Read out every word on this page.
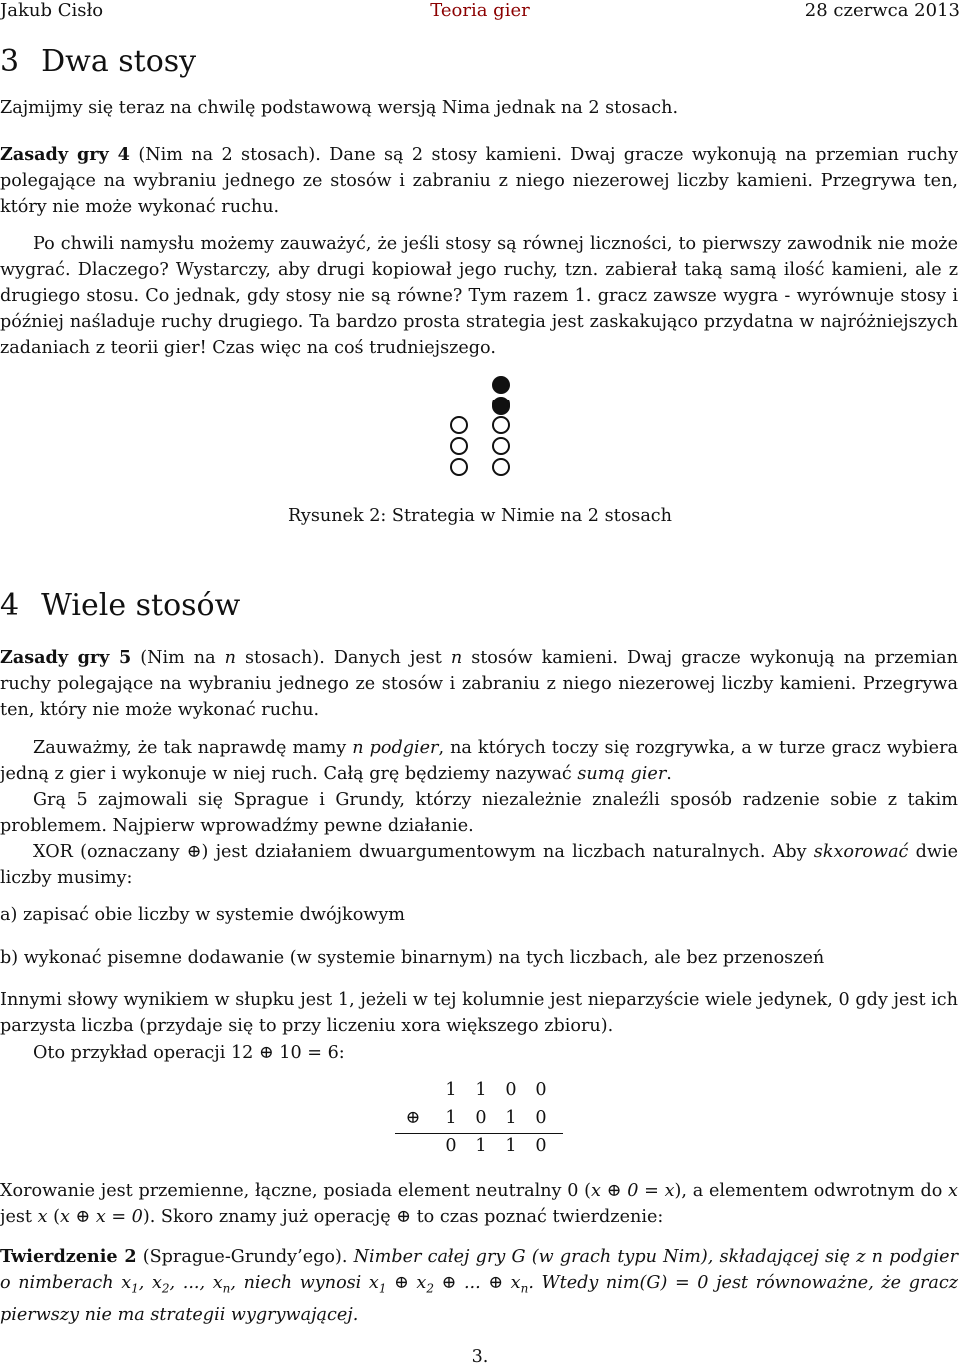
Jakub Cisło	Teoria gier	28 czerwca 2013
3 Dwa stosy

Zajmijmy się teraz na chwilę podstawową wersją Nima jednak na 2 stosach.

Zasady gry 4 (Nim na 2 stosach). Dane są 2 stosy kamieni. Dwaj gracze wykonują na przemian ruchy polegające na wybraniu jednego ze stosów i zabraniu z niego niezerowej liczby kamieni. Przegrywa ten, który nie może wykonać ruchu.

Po chwili namysłu możemy zauważyć, że jeśli stosy są równej liczności, to pierwszy zawodnik nie może wygrać. Dlaczego? Wystarczy, aby drugi kopiował jego ruchy, tzn. zabierał taką samą ilość kamieni, ale z drugiego stosu. Co jednak, gdy stosy nie są równe? Tym razem 1. gracz zawsze wygra - wyrównuje stosy i później naśladuje ruchy drugiego. Ta bardzo prosta strategia jest zaskakująco przydatna w najróżniejszych zadaniach z teorii gier! Czas więc na coś trudniejszego.

Rysunek 2: Strategia w Nimie na 2 stosach
4 Wiele stosów

Zasady gry 5 (Nim na n stosach). Danych jest n stosów kamieni. Dwaj gracze wykonują na przemian ruchy polegające na wybraniu jednego ze stosów i zabraniu z niego niezerowej liczby kamieni. Przegrywa ten, który nie może wykonać ruchu.

Zauważmy, że tak naprawdę mamy n podgier, na których toczy się rozgrywka, a w turze gracz wybiera jedną z gier i wykonuje w niej ruch. Całą grę będziemy nazywać sumą gier.

Grą 5 zajmowali się Sprague i Grundy, którzy niezależnie znaleźli sposób radzenie sobie z takim problemem. Najpierw wprowadźmy pewne działanie.

XOR (oznaczany ⊕) jest działaniem dwuargumentowym na liczbach naturalnych. Aby skxorować dwie liczby musimy:

a) zapisać obie liczby w systemie dwójkowym
b) wykonać pisemne dodawanie (w systemie binarnym) na tych liczbach, ale bez przenoszeń

Innymi słowy wynikiem w słupku jest 1, jeżeli w tej kolumnie jest nieparzyście wiele jedynek, 0 gdy jest ich parzysta liczba (przydaje się to przy liczeniu xora większego zbioru).

Oto przykład operacji 12 ⊕ 10 = 6:

1 1 0 0
⊕ 1 0 1 0
0 1 1 0

Xorowanie jest przemienne, łączne, posiada element neutralny 0 (x ⊕ 0 = x), a elementem odwrotnym do x jest x (x ⊕ x = 0). Skoro znamy już operację ⊕ to czas poznać twierdzenie:

Twierdzenie 2 (Sprague-Grundy’ego). Nimber całej gry G (w grach typu Nim), składającej się z n podgier o nimberach $x_1$, $x_2$, ..., $x_n$, niech wynosi $x_1$ ⊕ $x_2$ ⊕ ... ⊕ $x_n$. Wtedy nim(G) = 0 jest równoważne, że gracz pierwszy nie ma strategii wygrywającej.

3.
